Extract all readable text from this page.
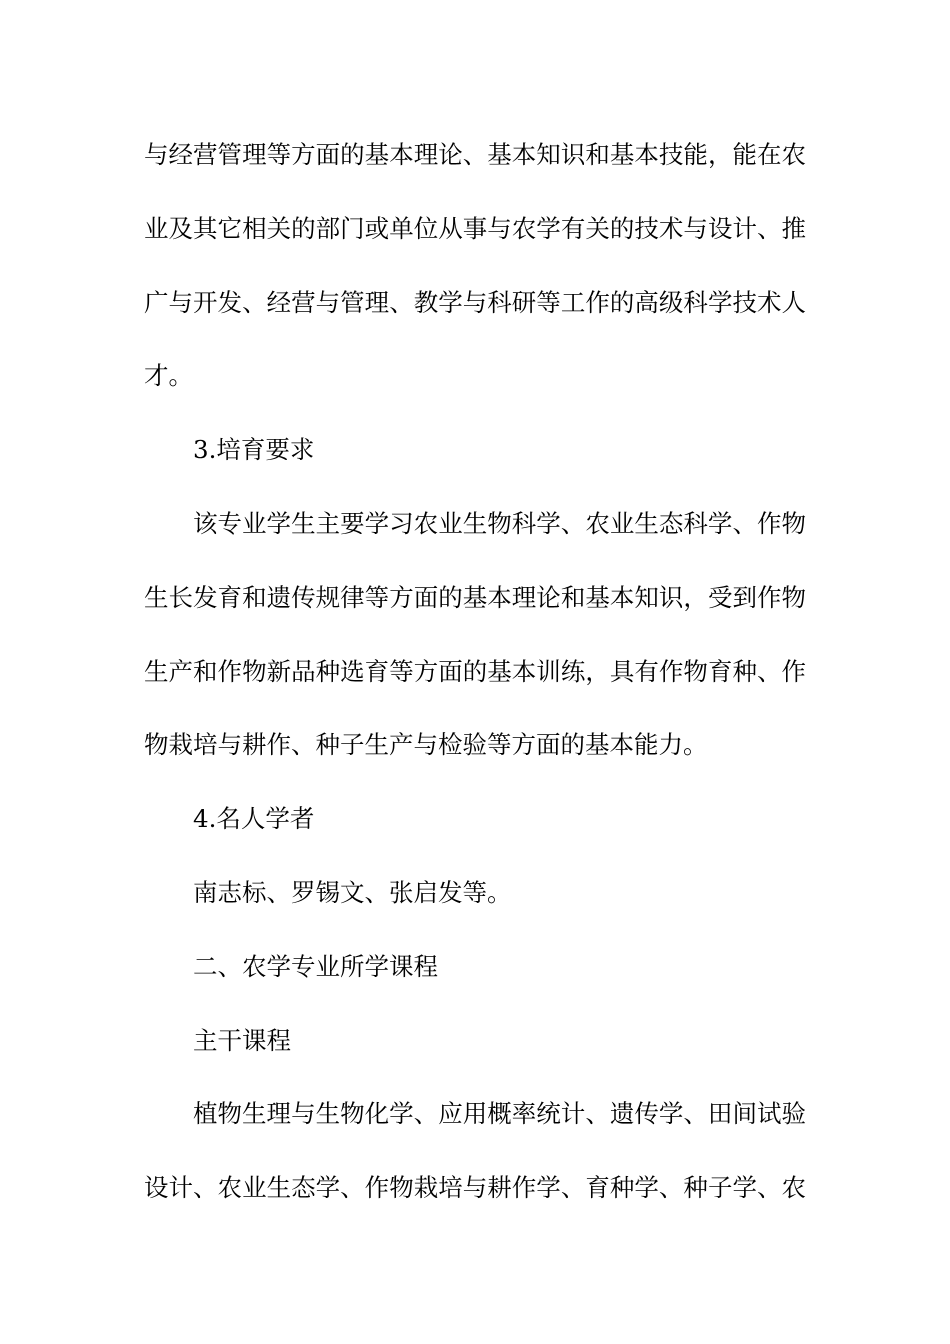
与经营管理等方面的基本理论、基本知识和基本技能，能在农
业及其它相关的部门或单位从事与农学有关的技术与设计、推
广与开发、经营与管理、教学与科研等工作的高级科学技术人
才。
3.培育要求
该专业学生主要学习农业生物科学、农业生态科学、作物
生长发育和遗传规律等方面的基本理论和基本知识，受到作物
生产和作物新品种选育等方面的基本训练，具有作物育种、作
物栽培与耕作、种子生产与检验等方面的基本能力。
4.名人学者
南志标、罗锡文、张启发等。
二、农学专业所学课程
主干课程
植物生理与生物化学、应用概率统计、遗传学、田间试验
设计、农业生态学、作物栽培与耕作学、育种学、种子学、农
